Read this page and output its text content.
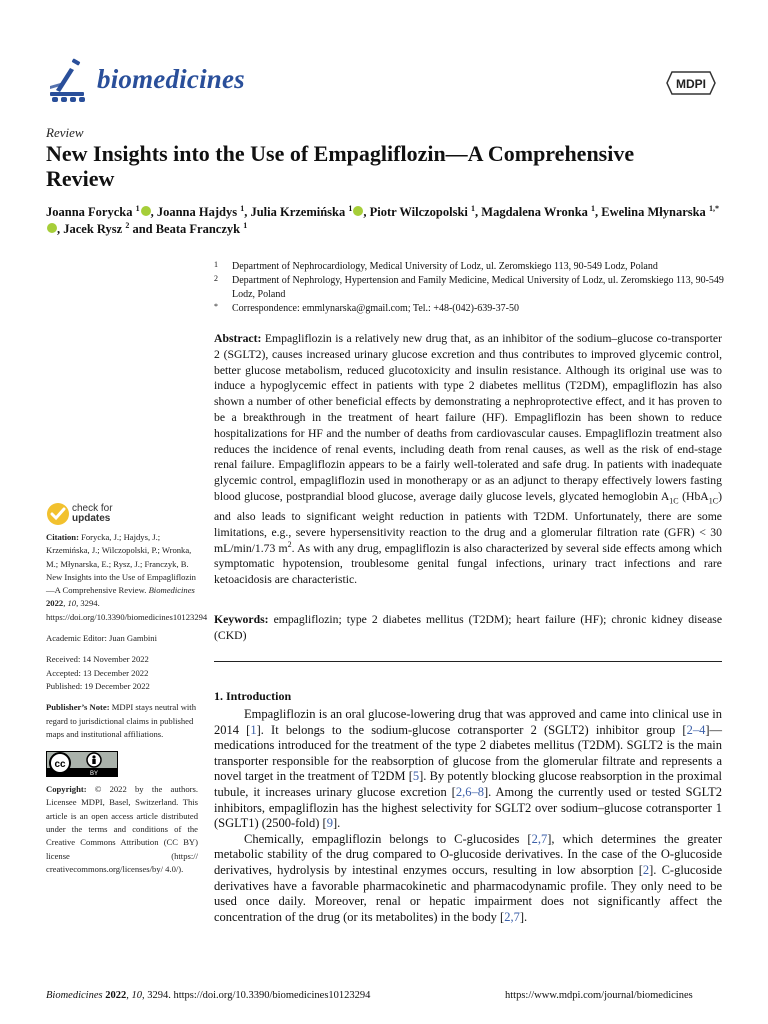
biomedicines	MDPI
Review
New Insights into the Use of Empagliflozin—A Comprehensive Review
Joanna Forycka $^1$ , Joanna Hajdys $^1$, Julia Krzemińska $^1$ , Piotr Wilczopolski $^1$, Magdalena Wronka $^1$, Ewelina Młynarska $^{1,*}$, Jacek Rysz $^2$ and Beata Franczyk $^1$
1 Department of Nephrocardiology, Medical University of Lodz, ul. Zeromskiego 113, 90-549 Lodz, Poland
2 Department of Nephrology, Hypertension and Family Medicine, Medical University of Lodz, ul. Zeromskiego 113, 90-549 Lodz, Poland
* Correspondence: emmlynarska@gmail.com; Tel.: +48-(042)-639-37-50
Abstract: Empagliflozin is a relatively new drug that, as an inhibitor of the sodium–glucose co-transporter 2 (SGLT2), causes increased urinary glucose excretion and thus contributes to improved glycemic control, better glucose metabolism, reduced glucotoxicity and insulin resistance. Although its original use was to induce a hypoglycemic effect in patients with type 2 diabetes mellitus (T2DM), empagliflozin has also shown a number of other beneficial effects by demonstrating a nephroprotective effect, and it has proven to be a breakthrough in the treatment of heart failure (HF). Empagliflozin has been shown to reduce hospitalizations for HF and the number of deaths from cardiovascular causes. Empagliflozin treatment also reduces the incidence of renal events, including death from renal causes, as well as the risk of end-stage renal failure. Empagliflozin appears to be a fairly well-tolerated and safe drug. In patients with inadequate glycemic control, empagliflozin used in monotherapy or as an adjunct to therapy effectively lowers fasting blood glucose, postprandial blood glucose, average daily glucose levels, glycated hemoglobin $A_{1C}$ (HbA$_{1C}$) and also leads to significant weight reduction in patients with T2DM. Unfortunately, there are some limitations, e.g., severe hypersensitivity reaction to the drug and a glomerular filtration rate (GFR) < 30 mL/min/1.73 $m^2$. As with any drug, empagliflozin is also characterized by several side effects among which symptomatic hypotension, troublesome genital fungal infections, urinary tract infections and rare ketoacidosis are characteristic.
Keywords: empagliflozin; type 2 diabetes mellitus (T2DM); heart failure (HF); chronic kidney disease (CKD)
check for
updates

Citation: Forycka, J.; Hajdys, J.; Krzemińska, J.; Wilczopolski, P.; Wronka, M.; Młynarska, E.; Rysz, J.; Franczyk, B. New Insights into the Use of Empagliflozin—A Comprehensive Review. Biomedicines 2022, 10, 3294. https://doi.org/10.3390/biomedicines10123294

Academic Editor: Juan Gambini

Received: 14 November 2022

Accepted: 13 December 2022

Published: 19 December 2022

Publisher’s Note: MDPI stays neutral with regard to jurisdictional claims in published maps and institutional affiliations.

cc
BY

Copyright: © 2022 by the authors. Licensee MDPI, Basel, Switzerland. This article is an open access article distributed under the terms and conditions of the Creative Commons Attribution (CC BY) license (https:// creativecommons.org/licenses/by/ 4.0/).

1. Introduction

Empagliflozin is an oral glucose-lowering drug that was approved and came into clinical use in 2014 [1]. It belongs to the sodium-glucose cotransporter 2 (SGLT2) inhibitor group [2–4]—medications introduced for the treatment of the type 2 diabetes mellitus (T2DM). SGLT2 is the main transporter responsible for the reabsorption of glucose from the glomerular filtrate and represents a novel target in the treatment of T2DM [5]. By potently blocking glucose reabsorption in the proximal tubule, it increases urinary glucose excretion [2,6–8]. Among the currently used or tested SGLT2 inhibitors, empagliflozin has the highest selectivity for SGLT2 over sodium–glucose cotransporter 1 (SGLT1) (2500-fold) [9].

Chemically, empagliflozin belongs to C-glucosides [2,7], which determines the greater metabolic stability of the drug compared to O-glucoside derivatives. In the case of the O-glucoside derivatives, hydrolysis by intestinal enzymes occurs, resulting in low absorption [2]. C-glucoside derivatives have a favorable pharmacokinetic and pharmacodynamic profile. They only need to be used once daily. Moreover, renal or hepatic impairment does not significantly affect the concentration of the drug (or its metabolites) in the body [2,7].

Biomedicines 2022, 10, 3294. https://doi.org/10.3390/biomedicines10123294	https://www.mdpi.com/journal/biomedicines
